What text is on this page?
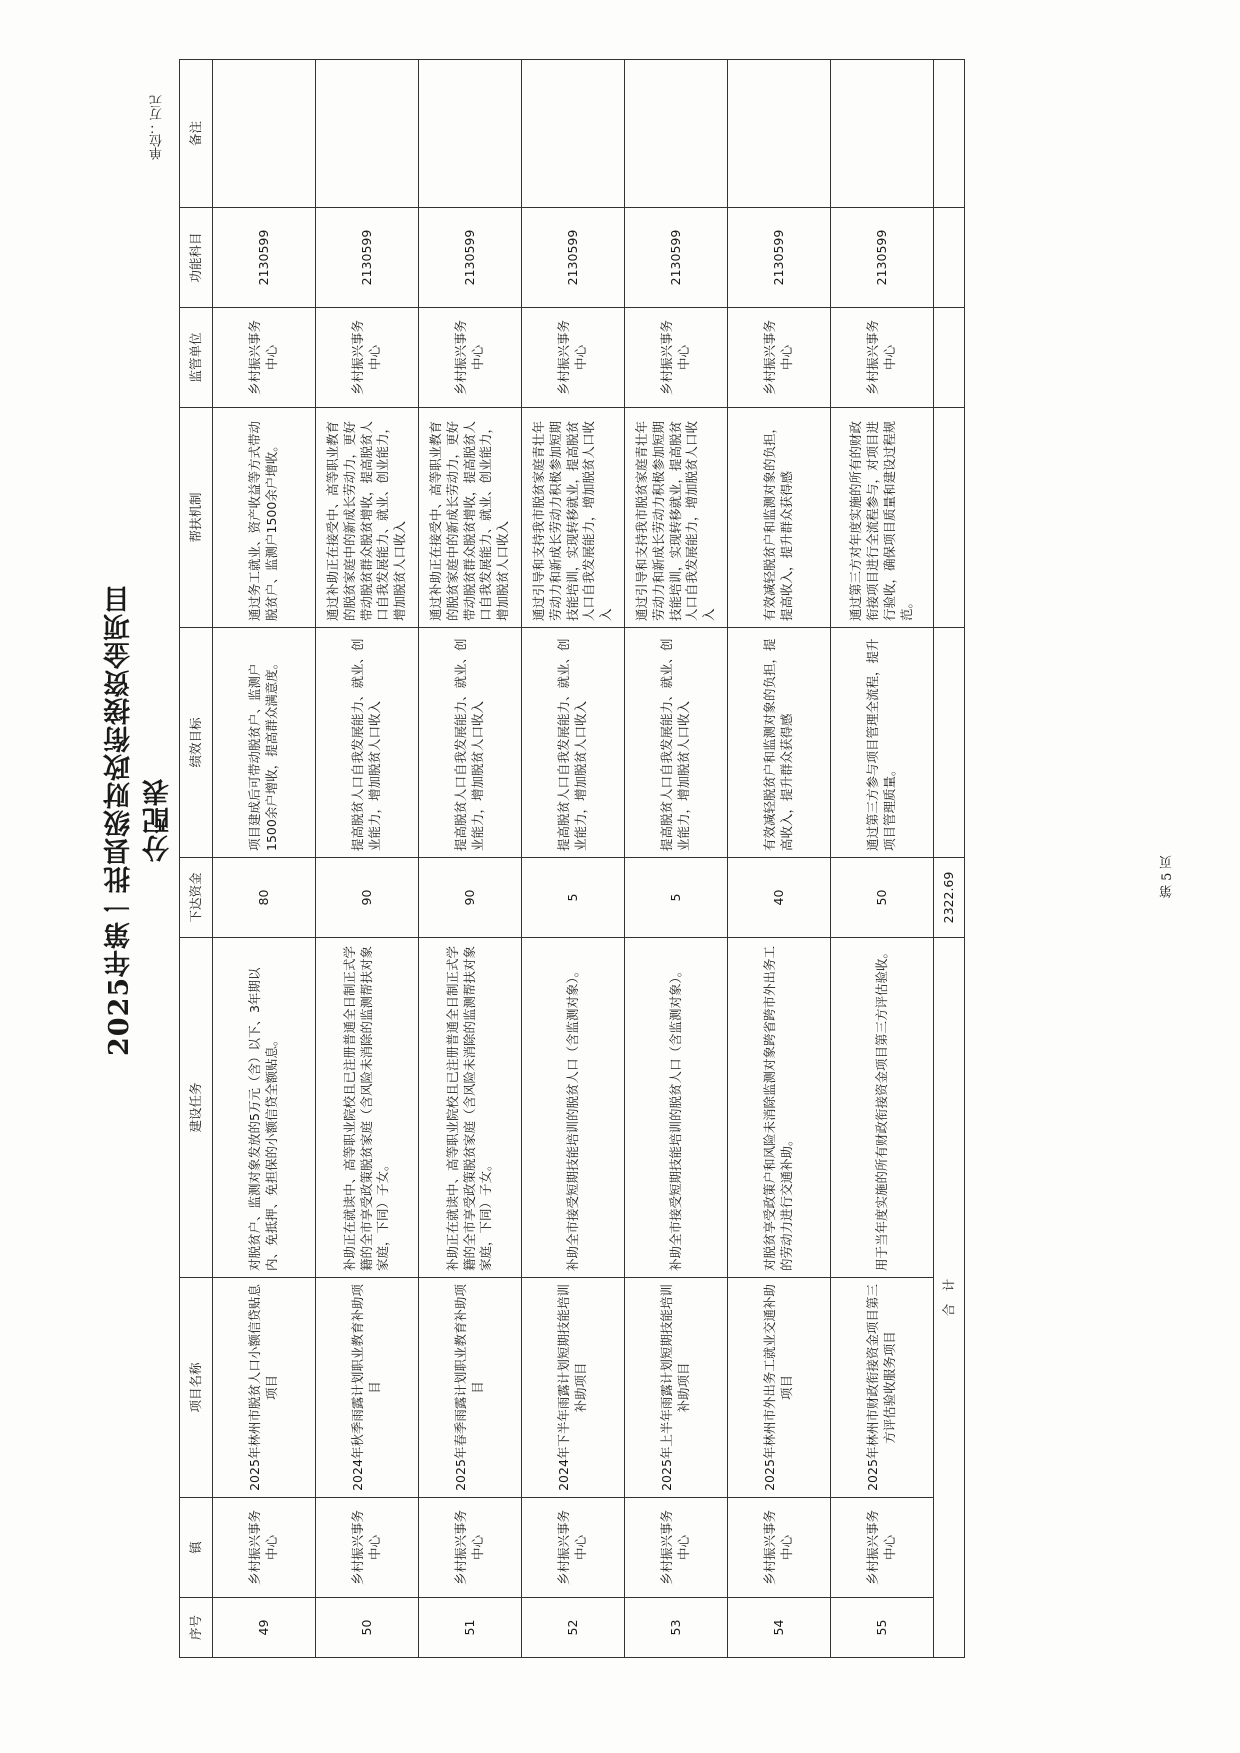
2025年第一批县级财政衔接资金项目分配表
单位：万元
第 5 页
序号	镇	项目名称	建设任务	下达资金	绩效目标	帮扶机制	监管单位	功能科目	备注
49	乡村振兴事务中心	2025年林州市脱贫人口小额信贷贴息项目	对脱贫户、监测对象发放的5万元（含）以下、3年期以内、免抵押、免担保的小额信贷全额贴息。	80	项目建成后可带动脱贫户、监测户1500余户增收，提高群众满意度。	通过务工就业、资产收益等方式带动脱贫户、监测户1500余户增收。	乡村振兴事务中心	2130599	
50	乡村振兴事务中心	2024年秋季雨露计划职业教育补助项目	补助正在就读中、高等职业院校且已注册普通全日制正式学籍的全市享受政策脱贫家庭（含风险未消除的监测帮扶对象家庭，下同）子女。	90	提高脱贫人口自我发展能力、就业、创业能力，增加脱贫人口收入	通过补助正在接受中、高等职业教育的脱贫家庭中的新成长劳动力，更好带动脱贫群众脱贫增收，提高脱贫人口自我发展能力、就业、创业能力，增加脱贫人口收入	乡村振兴事务中心	2130599	
51	乡村振兴事务中心	2025年春季雨露计划职业教育补助项目	补助正在就读中、高等职业院校且已注册普通全日制正式学籍的全市享受政策脱贫家庭（含风险未消除的监测帮扶对象家庭，下同）子女。	90	提高脱贫人口自我发展能力、就业、创业能力，增加脱贫人口收入	通过补助正在接受中、高等职业教育的脱贫家庭中的新成长劳动力，更好带动脱贫群众脱贫增收，提高脱贫人口自我发展能力、就业、创业能力，增加脱贫人口收入	乡村振兴事务中心	2130599	
52	乡村振兴事务中心	2024年下半年雨露计划短期技能培训补助项目	补助全市接受短期技能培训的脱贫人口（含监测对象）。	5	提高脱贫人口自我发展能力、就业、创业能力，增加脱贫人口收入	通过引导和支持我市脱贫家庭青壮年劳动力和新成长劳动力积极参加短期技能培训，实现转移就业，提高脱贫人口自我发展能力，增加脱贫人口收入	乡村振兴事务中心	2130599	
53	乡村振兴事务中心	2025年上半年雨露计划短期技能培训补助项目	补助全市接受短期技能培训的脱贫人口（含监测对象）。	5	提高脱贫人口自我发展能力、就业、创业能力，增加脱贫人口收入	通过引导和支持我市脱贫家庭青壮年劳动力和新成长劳动力积极参加短期技能培训，实现转移就业，提高脱贫人口自我发展能力，增加脱贫人口收入	乡村振兴事务中心	2130599	
54	乡村振兴事务中心	2025年林州市外出务工就业交通补助项目	对脱贫享受政策户和风险未消除监测对象跨省跨市外出务工的劳动力进行交通补助。	40	有效减轻脱贫户和监测对象的负担，提高收入，提升群众获得感	有效减轻脱贫户和监测对象的负担，提高收入，提升群众获得感	乡村振兴事务中心	2130599	
55	乡村振兴事务中心	2025年林州市财政衔接资金项目第三方评估验收服务项目	用于当年度实施的所有财政衔接资金项目第三方评估验收。	50	通过第三方参与项目管理全流程，提升项目管理质量。	通过第三方对年度实施的所有的财政衔接项目进行全流程参与，对项目进行验收，确保项目质量和建设过程规范。	乡村振兴事务中心	2130599	
合　计				2322.69					
